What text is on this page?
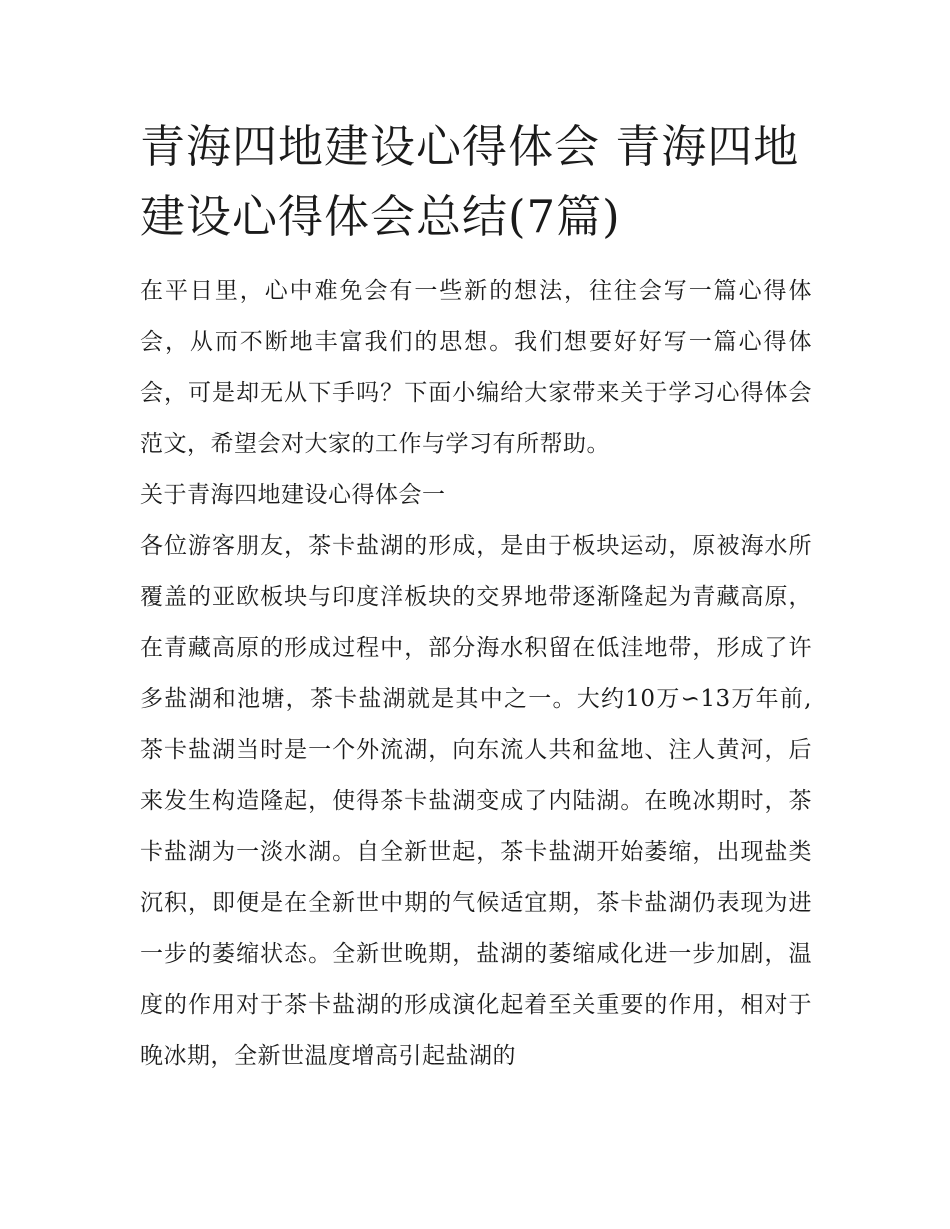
青海四地建设心得体会 青海四地建设心得体会总结(7篇)

在平日里，心中难免会有一些新的想法，往往会写一篇心得体会，从而不断地丰富我们的思想。我们想要好好写一篇心得体会，可是却无从下手吗？下面小编给大家带来关于学习心得体会范文，希望会对大家的工作与学习有所帮助。

关于青海四地建设心得体会一

各位游客朋友，茶卡盐湖的形成，是由于板块运动，原被海水所覆盖的亚欧板块与印度洋板块的交界地带逐渐隆起为青藏高原，在青藏高原的形成过程中，部分海水积留在低洼地带，形成了许多盐湖和池塘，茶卡盐湖就是其中之一。大约10万∽13万年前,茶卡盐湖当时是一个外流湖，向东流人共和盆地、注人黄河，后来发生构造隆起，使得茶卡盐湖变成了内陆湖。在晚冰期时，茶卡盐湖为一淡水湖。自全新世起，茶卡盐湖开始萎缩，出现盐类沉积，即便是在全新世中期的气候适宜期，茶卡盐湖仍表现为进一步的萎缩状态。全新世晚期，盐湖的萎缩咸化进一步加剧，温度的作用对于茶卡盐湖的形成演化起着至关重要的作用，相对于晚冰期，全新世温度增高引起盐湖的
